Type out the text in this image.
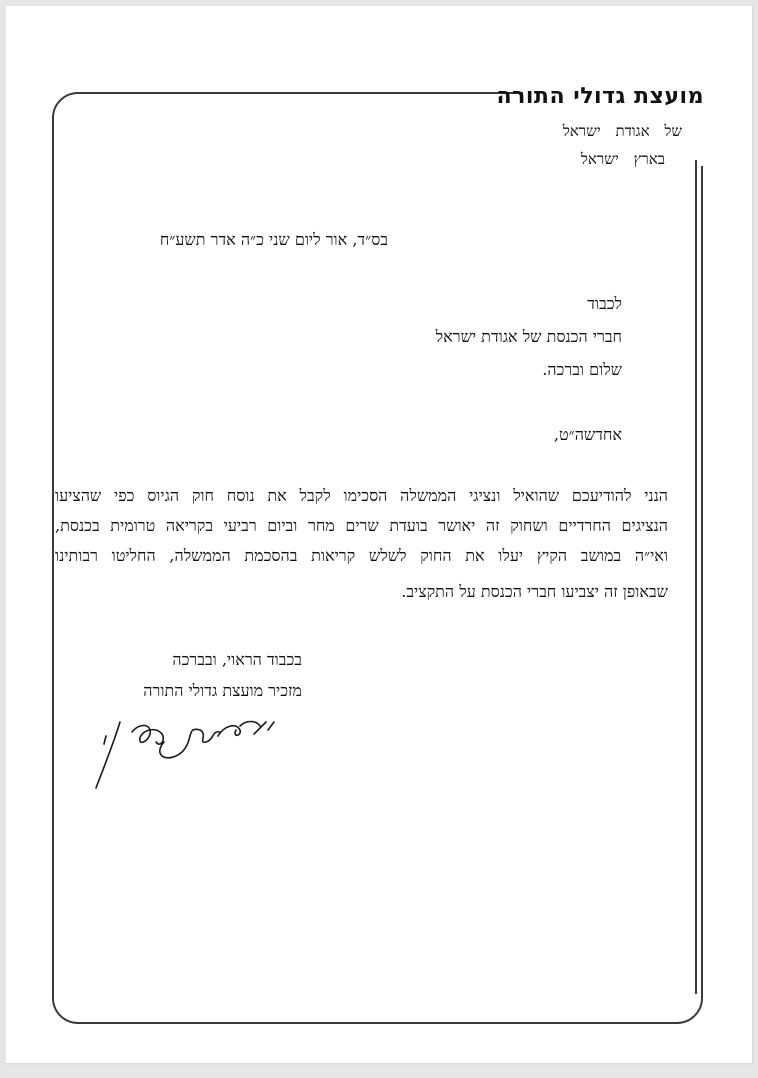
מועצת גדולי התורה
של אגודת ישראל
בארץ ישראל
בס״ד, אור ליום שני כ״ה אדר תשע״ח
לכבוד
חברי הכנסת של אגודת ישראל
שלום וברכה.
אחדשה״ט,
הנני להודיעכם שהואיל ונציגי הממשלה הסכימו לקבל את נוסח חוק הגיוס כפי שהציעו
הנציגים החרדיים ושחוק זה יאושר בועדת שרים מחר וביום רביעי בקריאה טרומית בכנסת,
ואי״ה במושב הקיץ יעלו את החוק לשלש קריאות בהסכמת הממשלה, החליטו רבותינו
שבאופן זה יצביעו חברי הכנסת על התקציב.
בכבוד הראוי, ובברכה
מזכיר מועצת גדולי התורה
